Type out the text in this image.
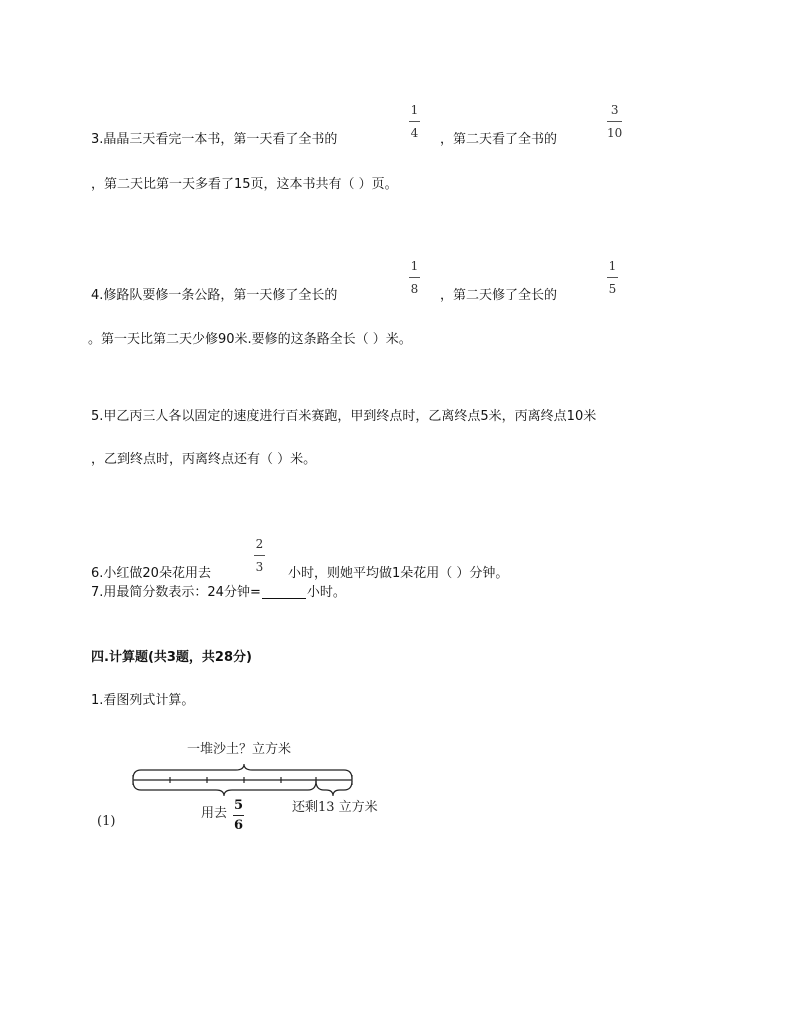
3.晶晶三天看完一本书，第一天看了全书的
1
4 ，第二天看了全书的
3
10
，第二天比第一天多看了15页，这本书共有（ ）页。
4.修路队要修一条公路，第一天修了全长的
1
8 ，第二天修了全长的
1
5
。第一天比第二天少修90米.要修的这条路全长（ ）米。
5.甲乙丙三人各以固定的速度进行百米赛跑，甲到终点时，乙离终点5米，丙离终点10米
，乙到终点时，丙离终点还有（ ）米。
6.小红做20朵花用去
2
3 小时，则她平均做1朵花用（ ）分钟。
7.用最简分数表示：24分钟=	小时。
四.计算题(共3题，共28分)
1.看图列式计算。
一堆沙土？立方米
用去
5
6
还剩13 立方米
(1)
